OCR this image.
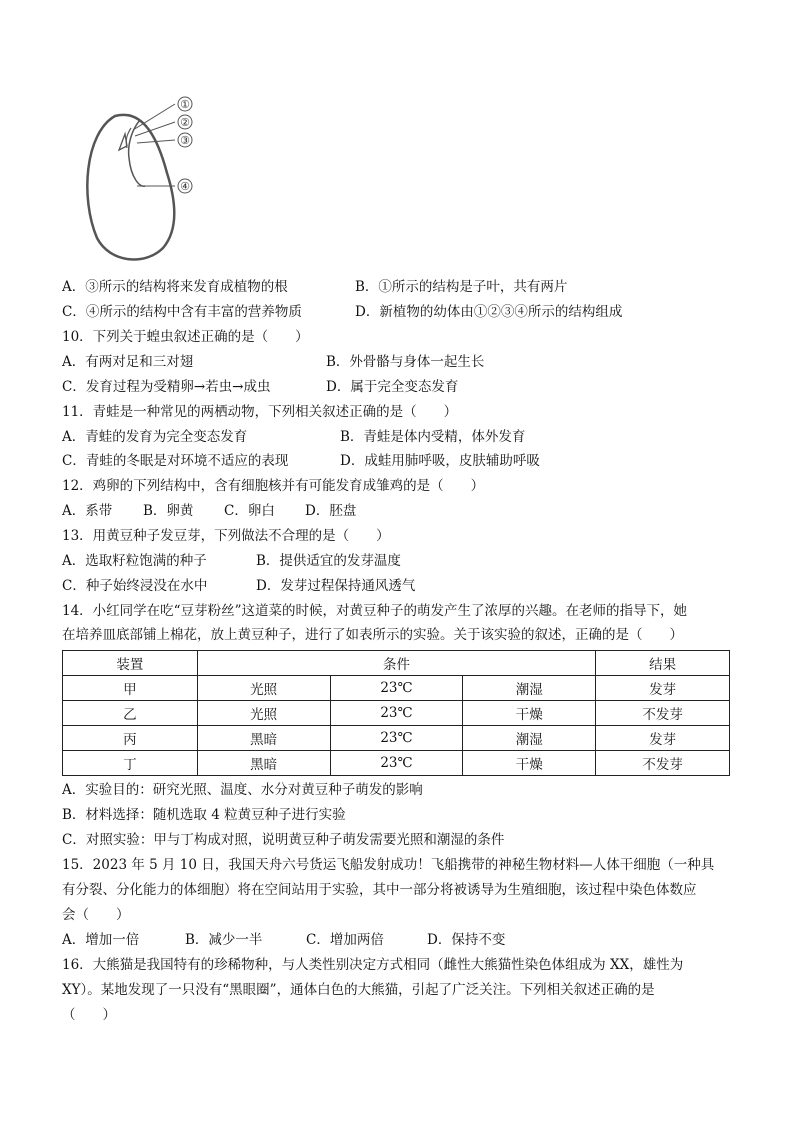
①
②
③
④
A．③所示的结构将来发育成植物的根	B．①所示的结构是子叶，共有两片
C．④所示的结构中含有丰富的营养物质	D．新植物的幼体由①②③④所示的结构组成
10．下列关于蝗虫叙述正确的是（　　）
A．有两对足和三对翅	B．外骨骼与身体一起生长
C．发育过程为受精卵→若虫→成虫	D．属于完全变态发育
11．青蛙是一种常见的两栖动物，下列相关叙述正确的是（　　）
A．青蛙的发育为完全变态发育	B．青蛙是体内受精，体外发育
C．青蛙的冬眠是对环境不适应的表现	D．成蛙用肺呼吸，皮肤辅助呼吸
12．鸡卵的下列结构中，含有细胞核并有可能发育成雏鸡的是（　　）
A．系带 B．卵黄 C．卵白 D．胚盘
13．用黄豆种子发豆芽，下列做法不合理的是（　　）
A．选取籽粒饱满的种子	B．提供适宜的发芽温度
C．种子始终浸没在水中	D．发芽过程保持通风透气
14．小红同学在吃“豆芽粉丝”这道菜的时候，对黄豆种子的萌发产生了浓厚的兴趣。在老师的指导下，她
在培养皿底部铺上棉花，放上黄豆种子，进行了如表所示的实验。关于该实验的叙述，正确的是（　　）
装置	条件			结果
甲	光照	23℃	潮湿	发芽
乙	光照	23℃	干燥	不发芽
丙	黑暗	23℃	潮湿	发芽
丁	黑暗	23℃	干燥	不发芽
A．实验目的：研究光照、温度、水分对黄豆种子萌发的影响
B．材料选择：随机选取 4 粒黄豆种子进行实验
C．对照实验：甲与丁构成对照，说明黄豆种子萌发需要光照和潮湿的条件
15．2023 年 5 月 10 日，我国天舟六号货运飞船发射成功！飞船携带的神秘生物材料—人体干细胞（一种具
有分裂、分化能力的体细胞）将在空间站用于实验，其中一部分将被诱导为生殖细胞，该过程中染色体数应
会（　　）
A．增加一倍	B．减少一半	C．增加两倍	D．保持不变
16．大熊猫是我国特有的珍稀物种，与人类性别决定方式相同（雌性大熊猫性染色体组成为 XX，雄性为
XY）。某地发现了一只没有“黑眼圈”，通体白色的大熊猫，引起了广泛关注。下列相关叙述正确的是
（　　）
